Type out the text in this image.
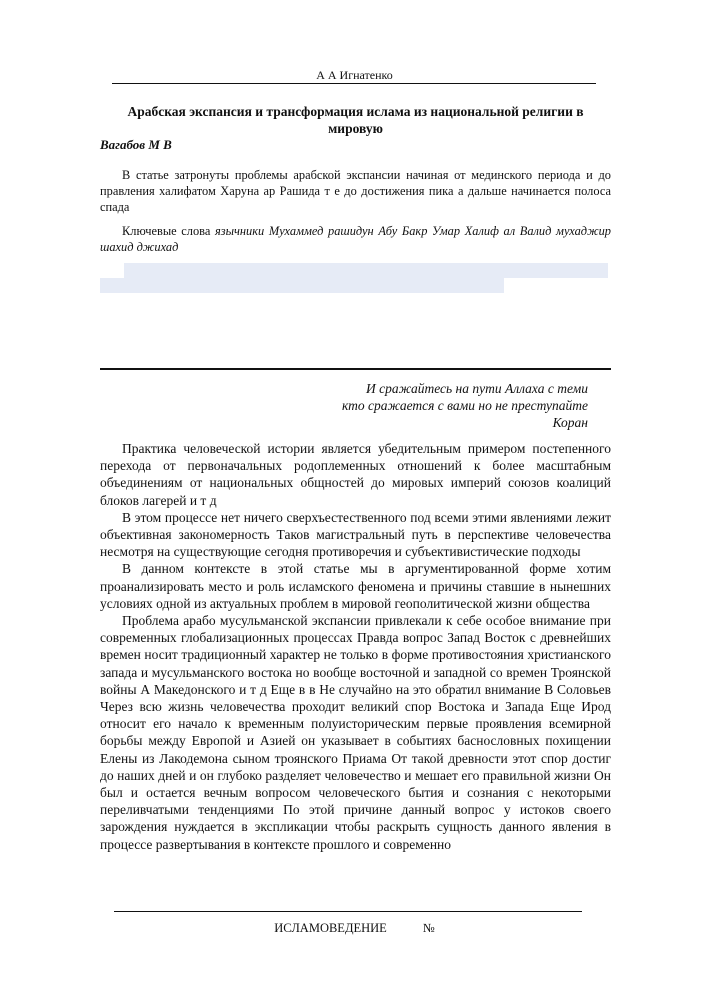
А А Игнатенко
Арабская экспансия и трансформация ислама из национальной религии в мировую
Вагабов М В
В статье затронуты проблемы арабской экспансии начиная от мединского периода и до правления халифатом Харуна ар Рашида т е до достижения пика а дальше начинается полоса спада
Ключевые слова язычники Мухаммед рашидун Абу Бакр Умар Халиф ал Валид мухаджир шахид джихад
И сражайтесь на пути Аллаха с теми
кто сражается с вами но не преступайте
Коран

Практика человеческой истории является убедительным примером постепенного перехода от первоначальных родоплеменных отношений к более масштабным объединениям от национальных общностей до мировых империй союзов коалиций блоков лагерей и т д

В этом процессе нет ничего сверхъестественного под всеми этими явлениями лежит объективная закономерность Таков магистральный путь в перспективе человечества несмотря на существующие сегодня противоречия и субъективистические подходы

В данном контексте в этой статье мы в аргументированной форме хотим проанализировать место и роль исламского феномена и причины ставшие в нынешних условиях одной из актуальных проблем в мировой геополитической жизни общества

Проблема арабо мусульманской экспансии привлекали к себе особое внимание при современных глобализационных процессах Правда вопрос Запад Восток с древнейших времен носит традиционный характер не только в форме противостояния христианского запада и мусульманского востока но вообще восточной и западной со времен Троянской войны А Македонского и т д Еще в в Не случайно на это обратил внимание В Соловьев Через всю жизнь человечества проходит великий спор Востока и Запада Еще Ирод относит его начало к временным полуисторическим первые проявления всемирной борьбы между Европой и Азией он указывает в событиях баснословных похищении Елены из Лакодемона сыном троянского Приама От такой древности этот спор достиг до наших дней и он глубоко разделяет человечество и мешает его правильной жизни Он был и остается вечным вопросом человеческого бытия и сознания с некоторыми переливчатыми тенденциями По этой причине данный вопрос у истоков своего зарождения нуждается в экспликации чтобы раскрыть сущность данного явления в процессе развертывания в контексте прошлого и современно

ИСЛАМОВЕДЕНИЕ	№
